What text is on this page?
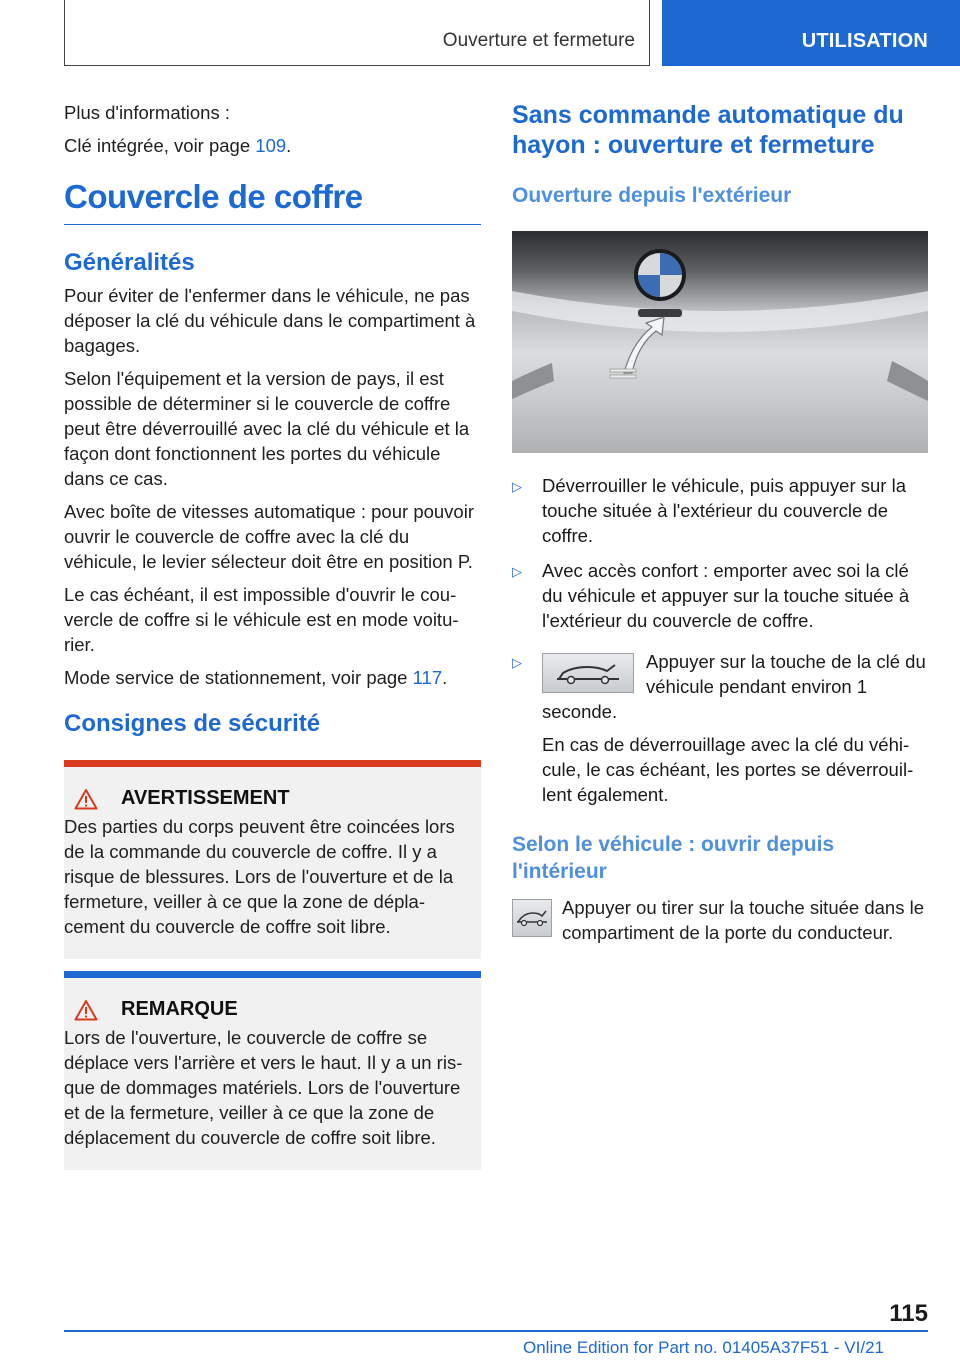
Ouverture et fermeture	UTILISATION

Plus d'informations :

Clé intégrée, voir page 109.

Couvercle de coffre
Généralités

Pour éviter de l'enfermer dans le véhicule, ne pas déposer la clé du véhicule dans le compartiment à bagages.

Selon l'équipement et la version de pays, il est possible de déterminer si le couvercle de coffre peut être déverrouillé avec la clé du véhicule et la façon dont fonctionnent les portes du véhicule dans ce cas.

Avec boîte de vitesses automatique : pour pouvoir ouvrir le couvercle de coffre avec la clé du véhicule, le levier sélecteur doit être en position P.

Le cas échéant, il est impossible d'ouvrir le couvercle de coffre si le véhicule est en mode voiturier.

Mode service de stationnement, voir page 117.

Consignes de sécurité
AVERTISSEMENT
Des parties du corps peuvent être coincées lors de la commande du couvercle de coffre. Il y a risque de blessures. Lors de l'ouverture et de la fermeture, veiller à ce que la zone de déplacement du couvercle de coffre soit libre.
REMARQUE
Lors de l'ouverture, le couvercle de coffre se déplace vers l'arrière et vers le haut. Il y a un risque de dommages matériels. Lors de l'ouverture et de la fermeture, veiller à ce que la zone de déplacement du couvercle de coffre soit libre.
Sans commande automatique du hayon : ouverture et fermeture
Ouverture depuis l'extérieur
▷	Déverrouiller le véhicule, puis appuyer sur la touche située à l'extérieur du couvercle de coffre.
▷	Avec accès confort : emporter avec soi la clé du véhicule et appuyer sur la touche située à l'extérieur du couvercle de coffre.
▷	Appuyer sur la touche de la clé du véhicule pendant environ 1 seconde.
En cas de déverrouillage avec la clé du véhicule, le cas échéant, les portes se déverrouillent également.
Selon le véhicule : ouvrir depuis l'intérieur

Appuyer ou tirer sur la touche située dans le compartiment de la porte du conducteur.

115
Online Edition for Part no. 01405A37F51 - VI/21
